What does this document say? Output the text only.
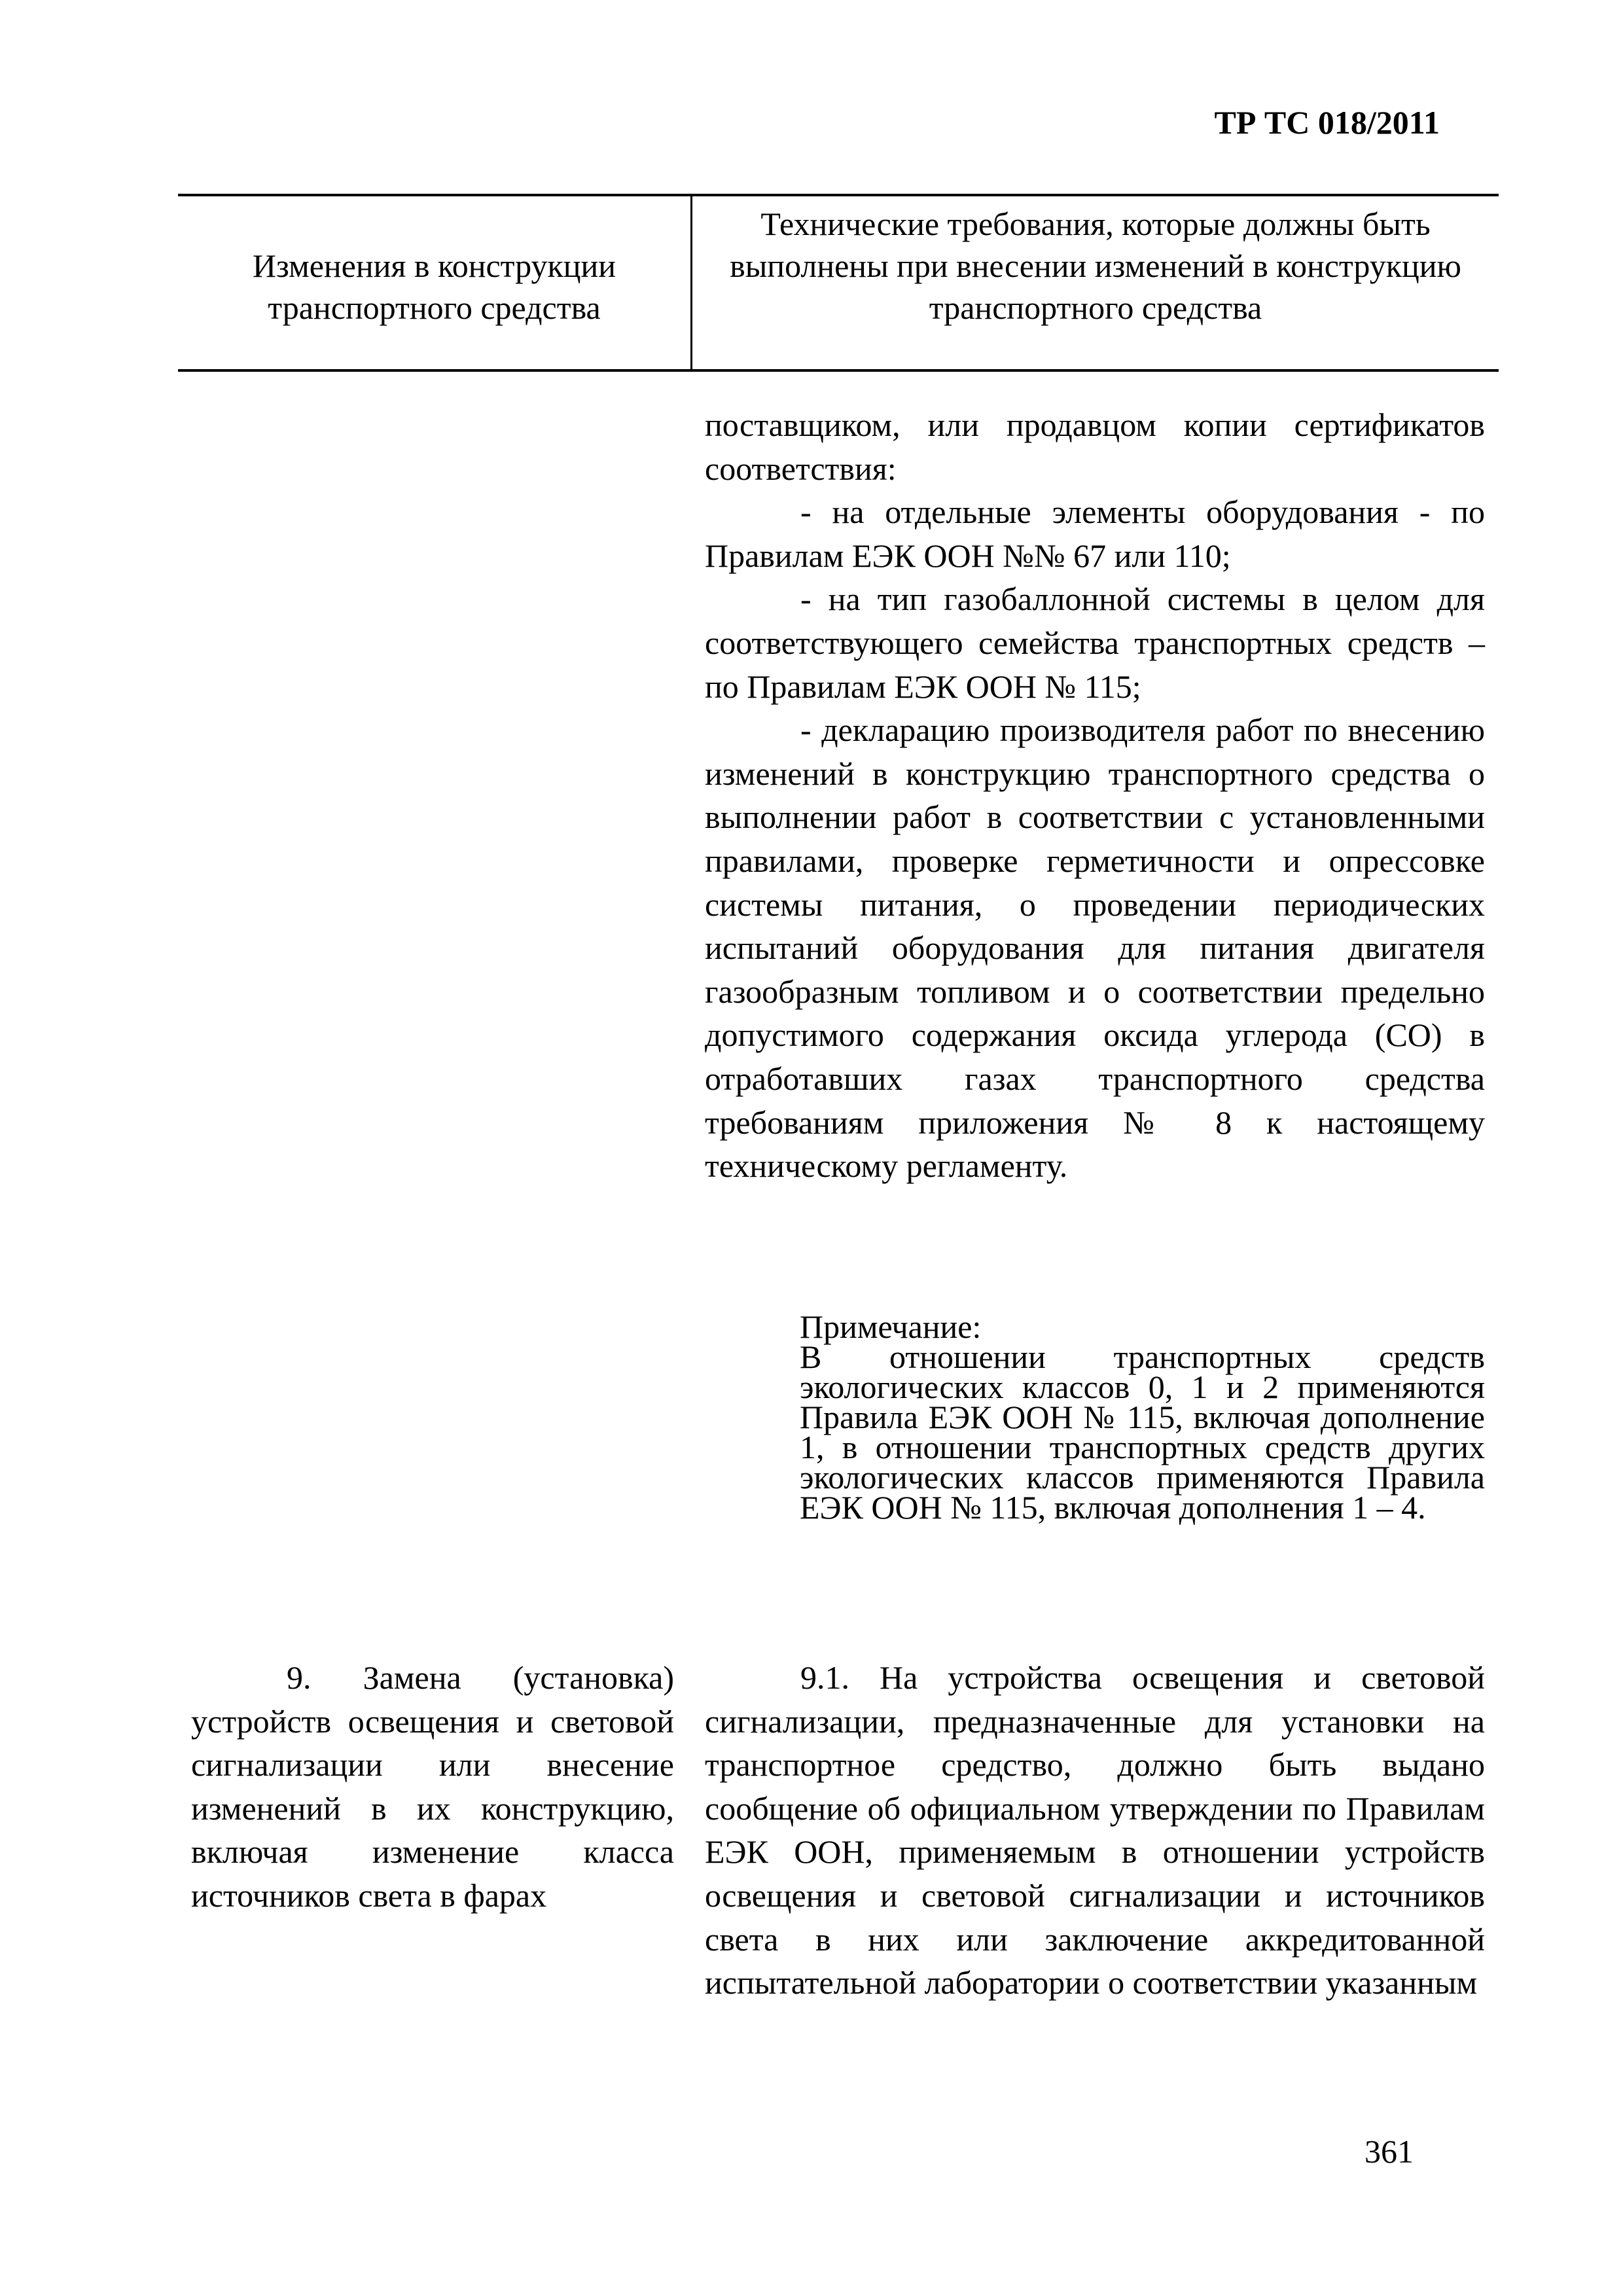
ТР ТС 018/2011
Изменения в конструкции транспортного средства
Технические требования, которые должны быть выполнены при внесении изменений в конструкцию транспортного средства

поставщиком, или продавцом копии сертификатов соответствия:

- на отдельные элементы оборудования - по Правилам ЕЭК ООН №№ 67 или 110;

- на тип газобаллонной системы в целом для соответствующего семейства транспортных средств – по Правилам ЕЭК ООН № 115;

- декларацию производителя работ по внесению изменений в конструкцию транспортного средства о выполнении работ в соответствии с установленными правилами, проверке герметичности и опрессовке системы питания, о проведении периодических испытаний оборудования для питания двигателя газообразным топливом и о соответствии предельно допустимого содержания оксида углерода (CO) в отработавших газах транспортного средства требованиям приложения № 8 к настоящему техническому регламенту.

Примечание:

В отношении транспортных средств экологических классов 0, 1 и 2 применяются Правила ЕЭК ООН № 115, включая дополнение 1, в отношении транспортных средств других экологических классов применяются Правила ЕЭК ООН № 115, включая дополнения 1 – 4.

9. Замена (установка) устройств освещения и световой сигнализации или внесение изменений в их конструкцию, включая изменение класса источников света в фарах

9.1. На устройства освещения и световой сигнализации, предназначенные для установки на транспортное средство, должно быть выдано сообщение об официальном утверждении по Правилам ЕЭК ООН, применяемым в отношении устройств освещения и световой сигнализации и источников света в них или заключение аккредитованной испытательной лаборатории о соответствии указанным

361
